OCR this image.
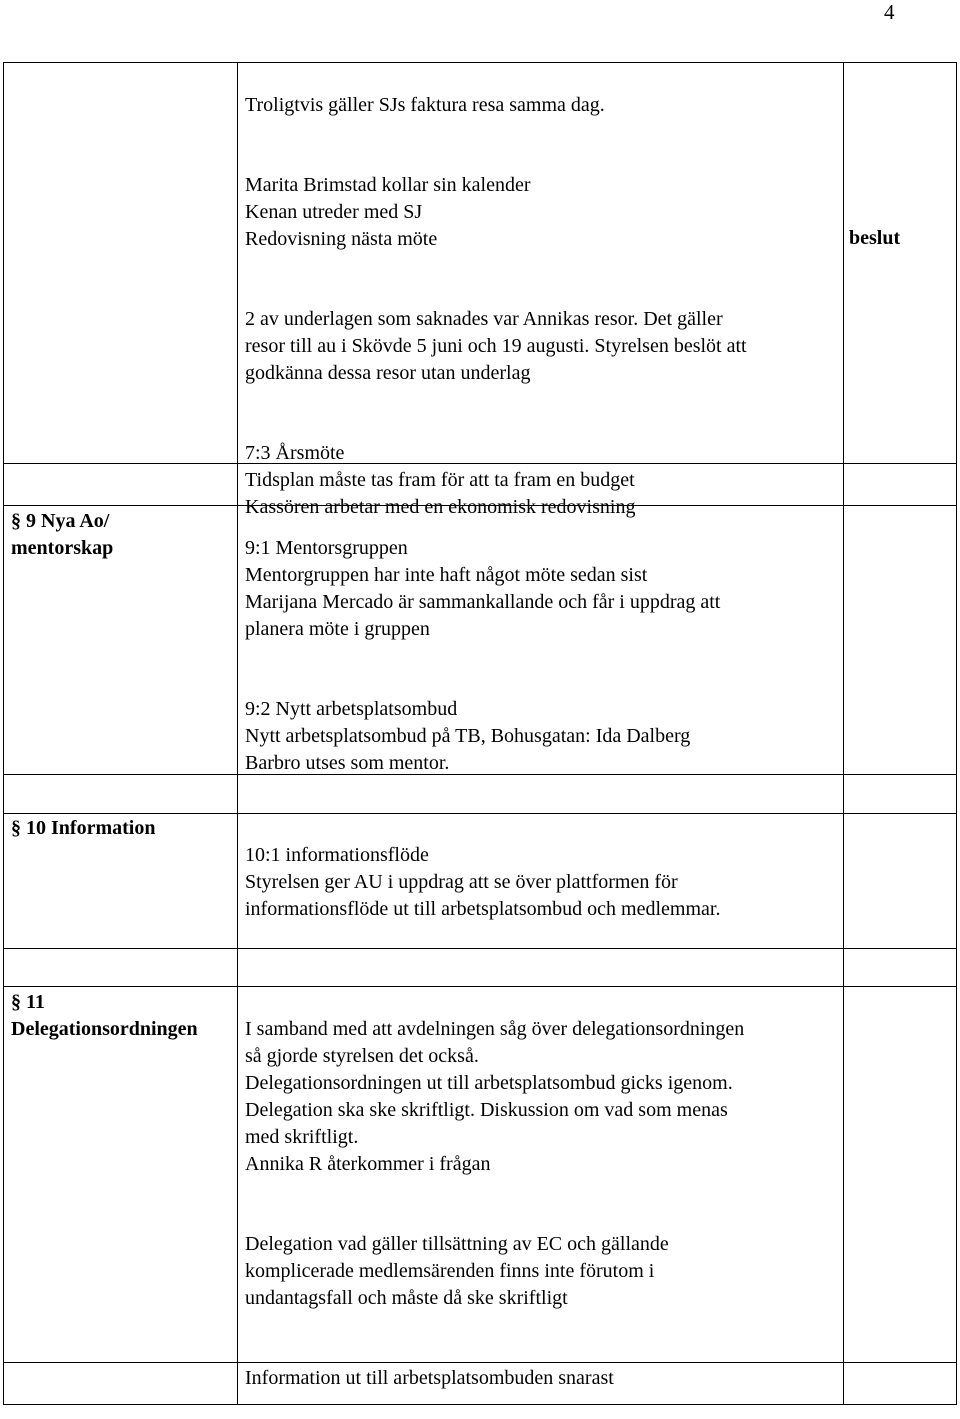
4

Troligtvis gäller SJs faktura resa samma dag.

Marita Brimstad kollar sin kalender
Kenan utreder med SJ
Redovisning nästa möte

2 av underlagen som saknades var Annikas resor. Det gäller
resor till au i Skövde 5 juni och 19 augusti. Styrelsen beslöt att
godkänna dessa resor utan underlag

7:3 Årsmöte
Tidsplan måste tas fram för att ta fram en budget
Kassören arbetar med en ekonomisk redovisning

beslut
§ 9 Nya Ao/
mentorskap	9:1 Mentorsgruppen
Mentorgruppen har inte haft något möte sedan sist
Marijana Mercado är sammankallande och får i uppdrag att
planera möte i gruppen

9:2 Nytt arbetsplatsombud
Nytt arbetsplatsombud på TB, Bohusgatan: Ida Dalberg
Barbro utses som mentor.

§ 10 Information

10:1 informationsflöde
Styrelsen ger AU i uppdrag att se över plattformen för
informationsflöde ut till arbetsplatsombud och medlemmar.

§ 11
Delegationsordningen	I samband med att avdelningen såg över delegationsordningen
så gjorde styrelsen det också.
Delegationsordningen ut till arbetsplatsombud gicks igenom.
Delegation ska ske skriftligt. Diskussion om vad som menas
med skriftligt.
Annika R återkommer i frågan

Delegation vad gäller tillsättning av EC och gällande
komplicerade medlemsärenden finns inte förutom i
undantagsfall och måste då ske skriftligt

Information ut till arbetsplatsombuden snarast
